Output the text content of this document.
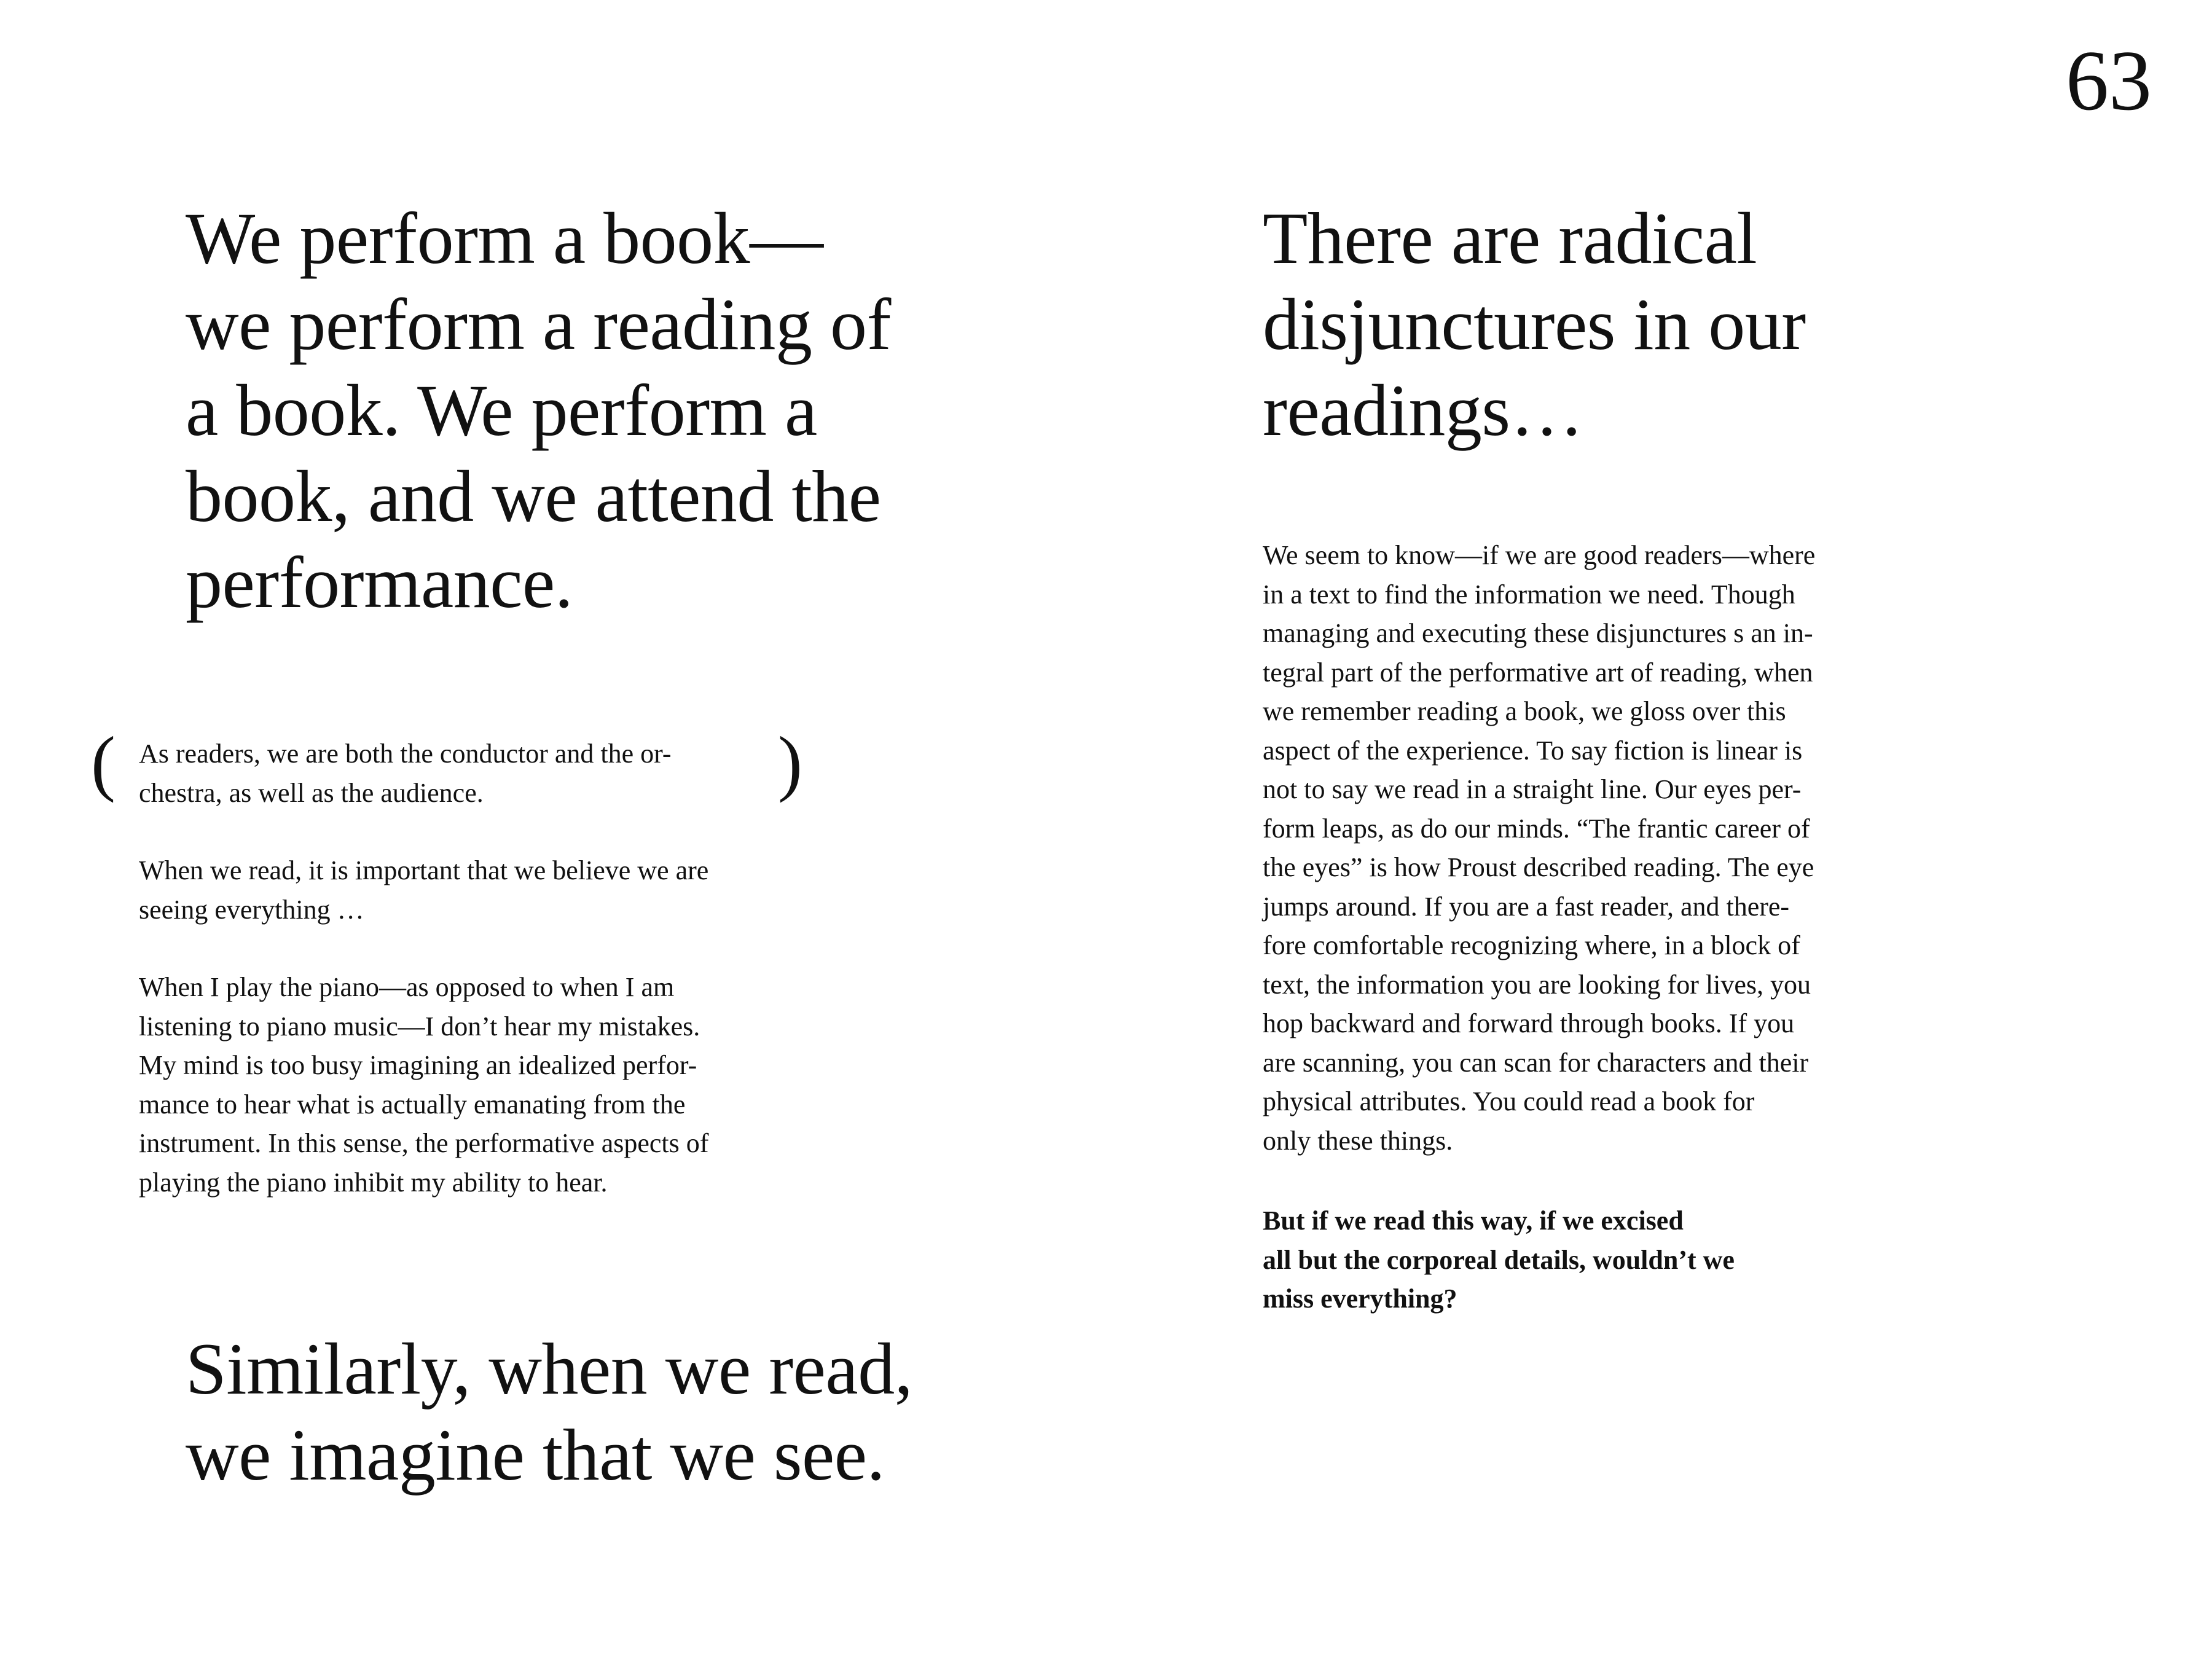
63
We perform a book—
we perform a reading of
a book. We perform a
book, and we attend the
performance.
(	)

As readers, we are both the conductor and the or-
chestra, as well as the audience.

When we read, it is important that we believe we are
seeing everything …

When I play the piano—as opposed to when I am
listening to piano music—I don’t hear my mistakes.
My mind is too busy imagining an idealized perfor-
mance to hear what is actually emanating from the
instrument. In this sense, the performative aspects of
playing the piano inhibit my ability to hear.

Similarly, when we read,
we imagine that we see.
There are radical
disjunctures in our
readings…

We seem to know—if we are good readers—where
in a text to find the information we need. Though
managing and executing these disjunctures s an in-
tegral part of the performative art of reading, when
we remember reading a book, we gloss over this
aspect of the experience. To say fiction is linear is
not to say we read in a straight line. Our eyes per-
form leaps, as do our minds. “The frantic career of
the eyes” is how Proust described reading. The eye
jumps around. If you are a fast reader, and there-
fore comfortable recognizing where, in a block of
text, the information you are looking for lives, you
hop backward and forward through books. If you
are scanning, you can scan for characters and their
physical attributes. You could read a book for
only these things.

But if we read this way, if we excised
all but the corporeal details, wouldn’t we
miss everything?
